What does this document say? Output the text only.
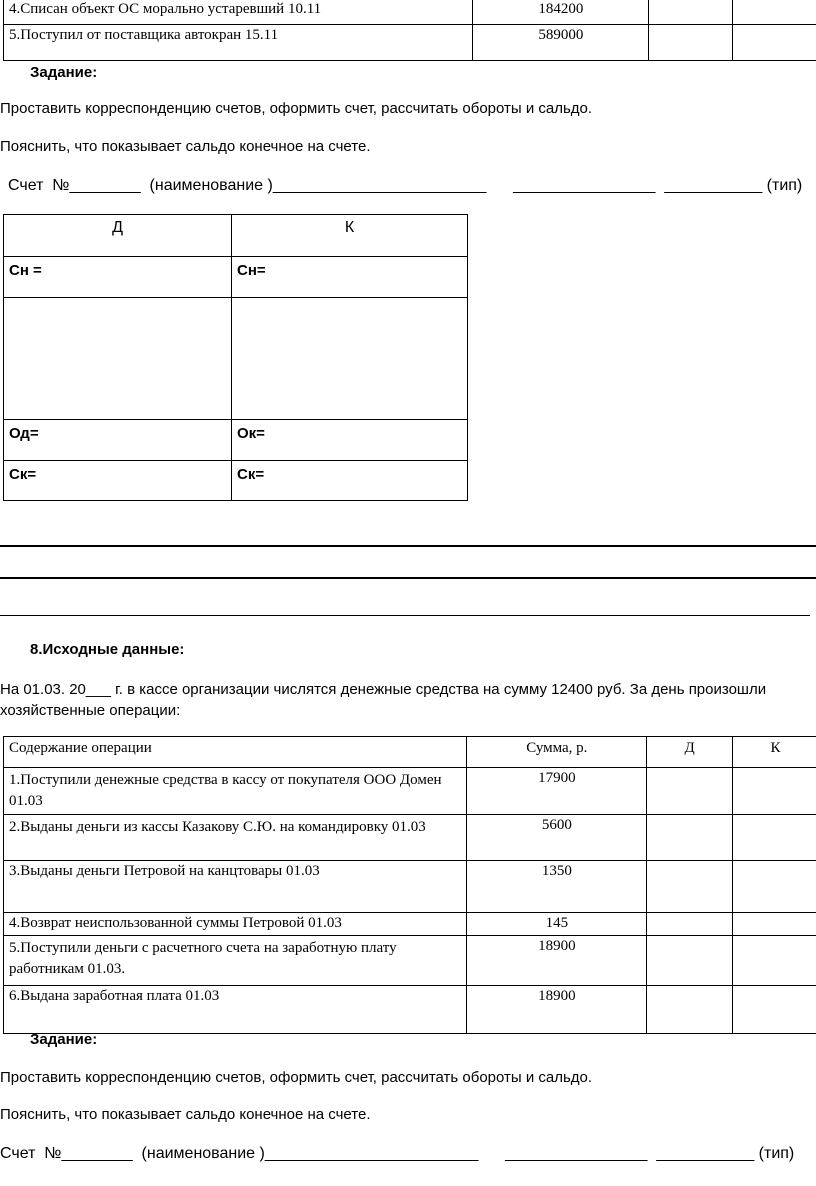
4.Списан объект ОС морально устаревший 10.11	184200		
5.Поступил от поставщика автокран 15.11	589000		
Задание:
Проставить корреспонденцию счетов, оформить счет, рассчитать обороты и сальдо.
Пояснить, что показывает сальдо конечное на счете.
Счет  №________  (наименование )________________________      ________________  ___________ (тип)
Д	К
Сн =	Сн=

Од=	Ок=
Ск=	Ск=
8.Исходные данные:
На 01.03. 20___ г. в кассе организации числятся денежные средства на сумму 12400 руб. За день произошли хозяйственные операции:
Содержание операции	Сумма, р.	Д	К
1.Поступили денежные средства в кассу от покупателя ООО Домен 01.03	17900		
2.Выданы деньги из кассы Казакову С.Ю. на командировку 01.03	5600		
3.Выданы деньги Петровой на канцтовары 01.03	1350		
4.Возврат неиспользованной суммы Петровой 01.03	145		
5.Поступили деньги с расчетного счета на заработную плату работникам 01.03.	18900		
6.Выдана заработная плата 01.03	18900		
Задание:
Проставить корреспонденцию счетов, оформить счет, рассчитать обороты и сальдо.
Пояснить, что показывает сальдо конечное на счете.
Счет  №________  (наименование )________________________      ________________  ___________ (тип)
